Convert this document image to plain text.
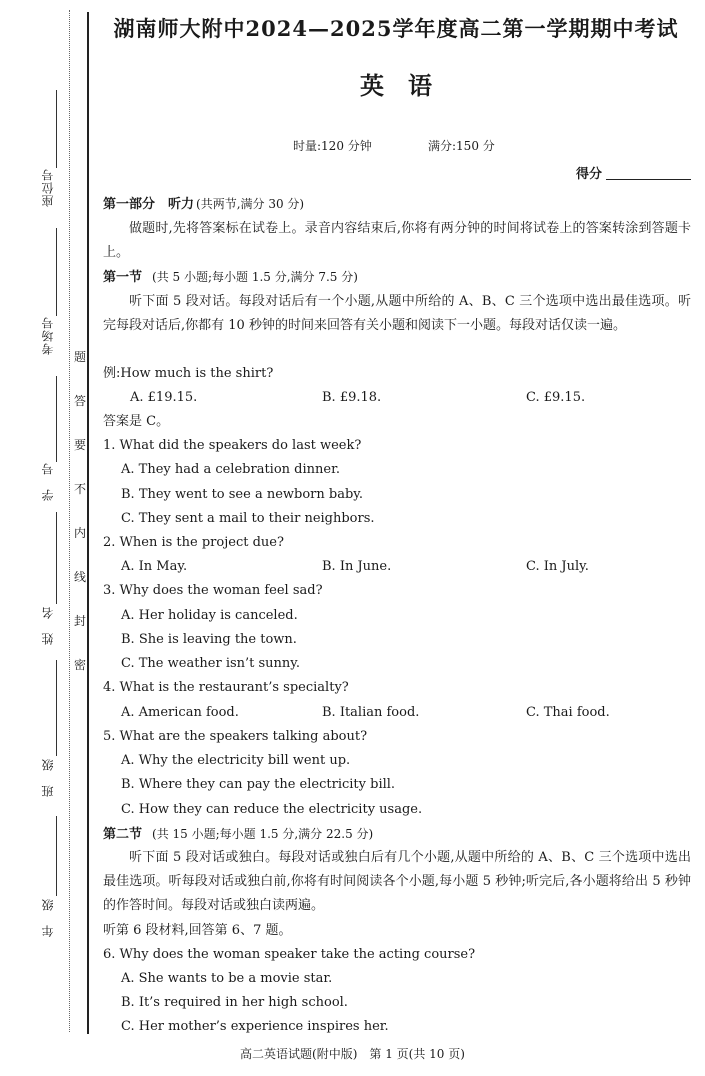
座位号
考场号
学　号
姓　名
班　级
年　级
密
封
线
内
不
要
答
题
湖南师大附中2024—2025学年度高二第一学期期中考试
英　语
时量:120 分钟	满分:150 分
得分
第一部分　听力 (共两节,满分 30 分)
做题时,先将答案标在试卷上。录音内容结束后,你将有两分钟的时间将试卷上的答案转涂到答题卡上。
第一节 (共 5 小题;每小题 1.5 分,满分 7.5 分)
听下面 5 段对话。每段对话后有一个小题,从题中所给的 A、B、C 三个选项中选出最佳选项。听完每段对话后,你都有 10 秒钟的时间来回答有关小题和阅读下一小题。每段对话仅读一遍。
例:How much is the shirt?
A. £19.15.	B. £9.18.	C. £9.15.
答案是 C。
1. What did the speakers do last week?
A. They had a celebration dinner.
B. They went to see a newborn baby.
C. They sent a mail to their neighbors.
2. When is the project due?
A. In May.	B. In June.	C. In July.
3. Why does the woman feel sad?
A. Her holiday is canceled.
B. She is leaving the town.
C. The weather isn’t sunny.
4. What is the restaurant’s specialty?
A. American food.	B. Italian food.	C. Thai food.
5. What are the speakers talking about?
A. Why the electricity bill went up.
B. Where they can pay the electricity bill.
C. How they can reduce the electricity usage.
第二节 (共 15 小题;每小题 1.5 分,满分 22.5 分)
听下面 5 段对话或独白。每段对话或独白后有几个小题,从题中所给的 A、B、C 三个选项中选出最佳选项。听每段对话或独白前,你将有时间阅读各个小题,每小题 5 秒钟;听完后,各小题将给出 5 秒钟的作答时间。每段对话或独白读两遍。
听第 6 段材料,回答第 6、7 题。
6. Why does the woman speaker take the acting course?
A. She wants to be a movie star.
B. It’s required in her high school.
C. Her mother’s experience inspires her.
高二英语试题(附中版)　第 1 页(共 10 页)
